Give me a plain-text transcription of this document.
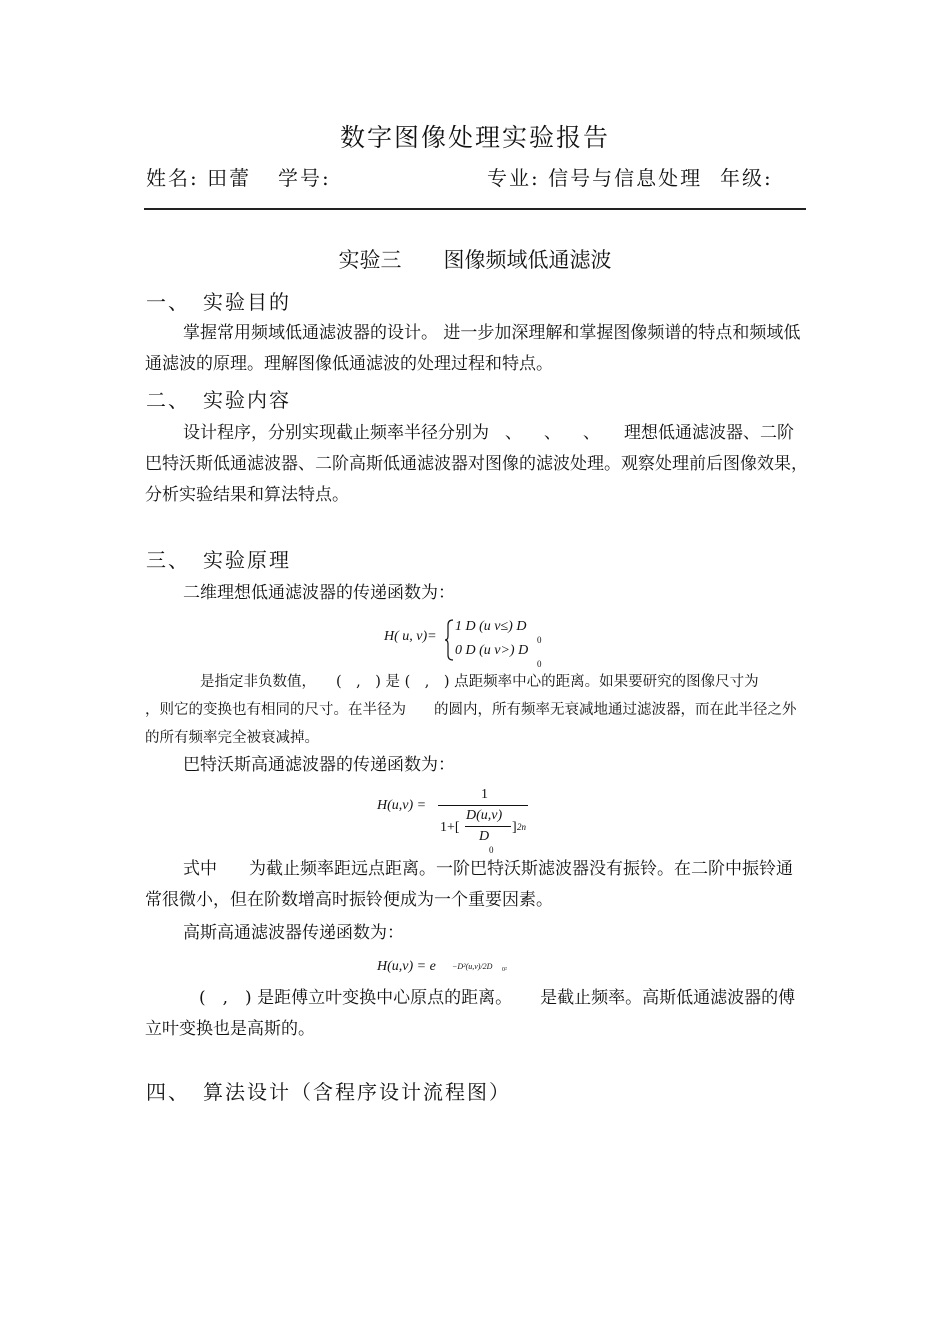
数字图像处理实验报告
姓名: 田蕾 学号:	专业: 信号与信息处理 年级:
实验三　　图像频域低通滤波
一、 实验目的
掌握常用频域低通滤波器的设计。 进一步加深理解和掌握图像频谱的特点和频域低通滤波的原理。理解图像低通滤波的处理过程和特点。
二、 实验内容
设计程序，分别实现截止频率半径分别为 、 、 、 理想低通滤波器、二阶巴特沃斯低通滤波器、二阶高斯低通滤波器对图像的滤波处理。观察处理前后图像效果，分析实验结果和算法特点。
三、 实验原理
二维理想低通滤波器的传递函数为：
H( u, v)=
1 D (u v≤) D
0
0 D (u v>) D
0
是指定非负数值， (　,　) 是 (　,　) 点距频率中心的距离。如果要研究的图像尺寸为，则它的变换也有相同的尺寸。在半径为 的圆内，所有频率无衰减地通过滤波器，而在此半径之外的所有频率完全被衰减掉。
巴特沃斯高通滤波器的传递函数为：
H(u,v) =
1
1+[
D(u,v)
D
0
] 2n
式中 为截止频率距远点距离。一阶巴特沃斯滤波器没有振铃。在二阶中振铃通常很微小，但在阶数增高时振铃便成为一个重要因素。
高斯高通滤波器传递函数为：
H(u,v) = e −D²(u,v)/2D 0²
(　,　) 是距傅立叶变换中心原点的距离。 是截止频率。高斯低通滤波器的傅立叶变换也是高斯的。
四、 算法设计（含程序设计流程图）
